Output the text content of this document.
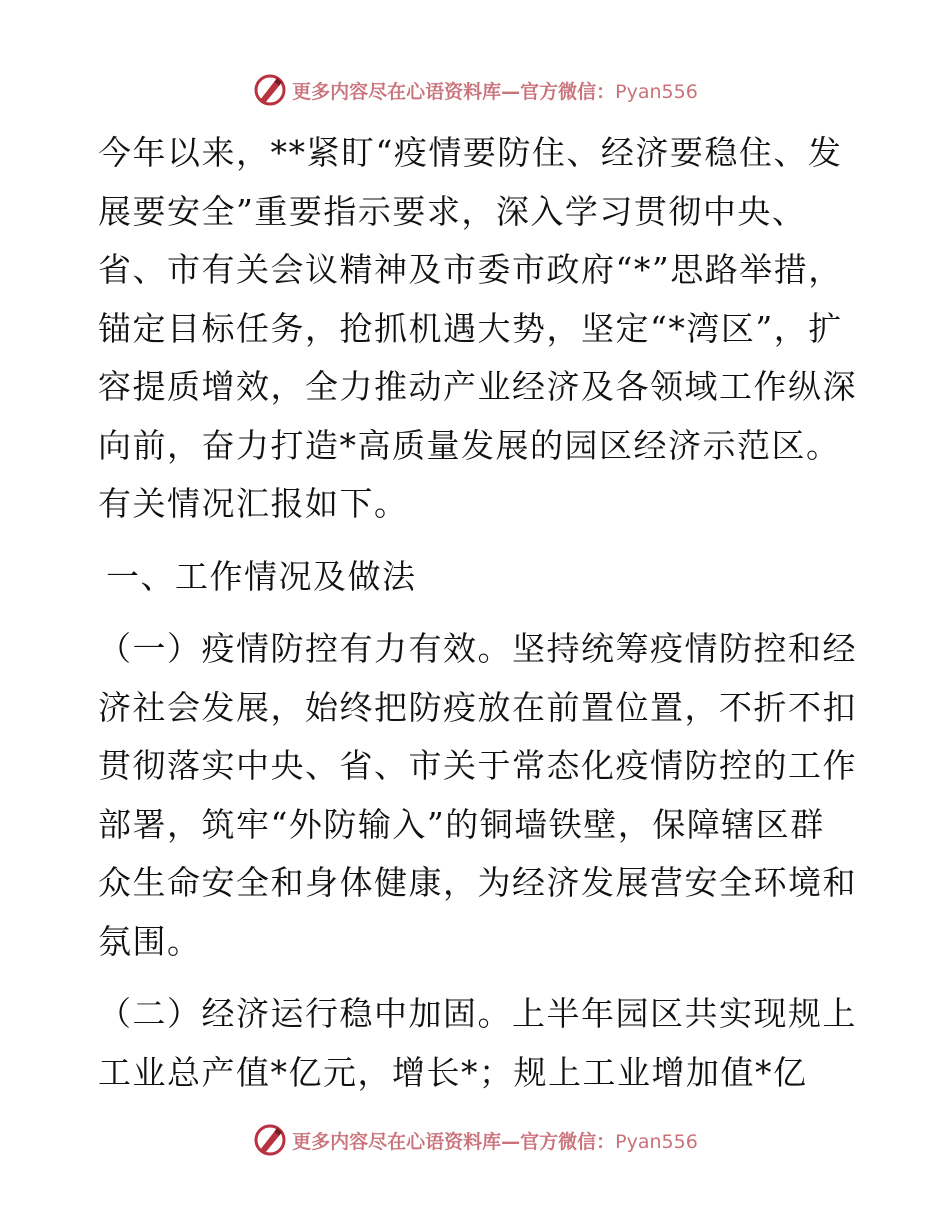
更多内容尽在心语资料库—官方微信：Pyan556

今年以来，**紧盯“疫情要防住、经济要稳住、发展要安全”重要指示要求，深入学习贯彻中央、省、市有关会议精神及市委市政府“*”思路举措，锚定目标任务，抢抓机遇大势，坚定“*湾区”，扩容提质增效，全力推动产业经济及各领域工作纵深向前，奋力打造*高质量发展的园区经济示范区。有关情况汇报如下。

一、工作情况及做法

（一）疫情防控有力有效。坚持统筹疫情防控和经济社会发展，始终把防疫放在前置位置，不折不扣贯彻落实中央、省、市关于常态化疫情防控的工作部署，筑牢“外防输入”的铜墙铁壁，保障辖区群众生命安全和身体健康，为经济发展营安全环境和氛围。

（二）经济运行稳中加固。上半年园区共实现规上工业总产值*亿元，增长*；规上工业增加值*亿

更多内容尽在心语资料库—官方微信：Pyan556
